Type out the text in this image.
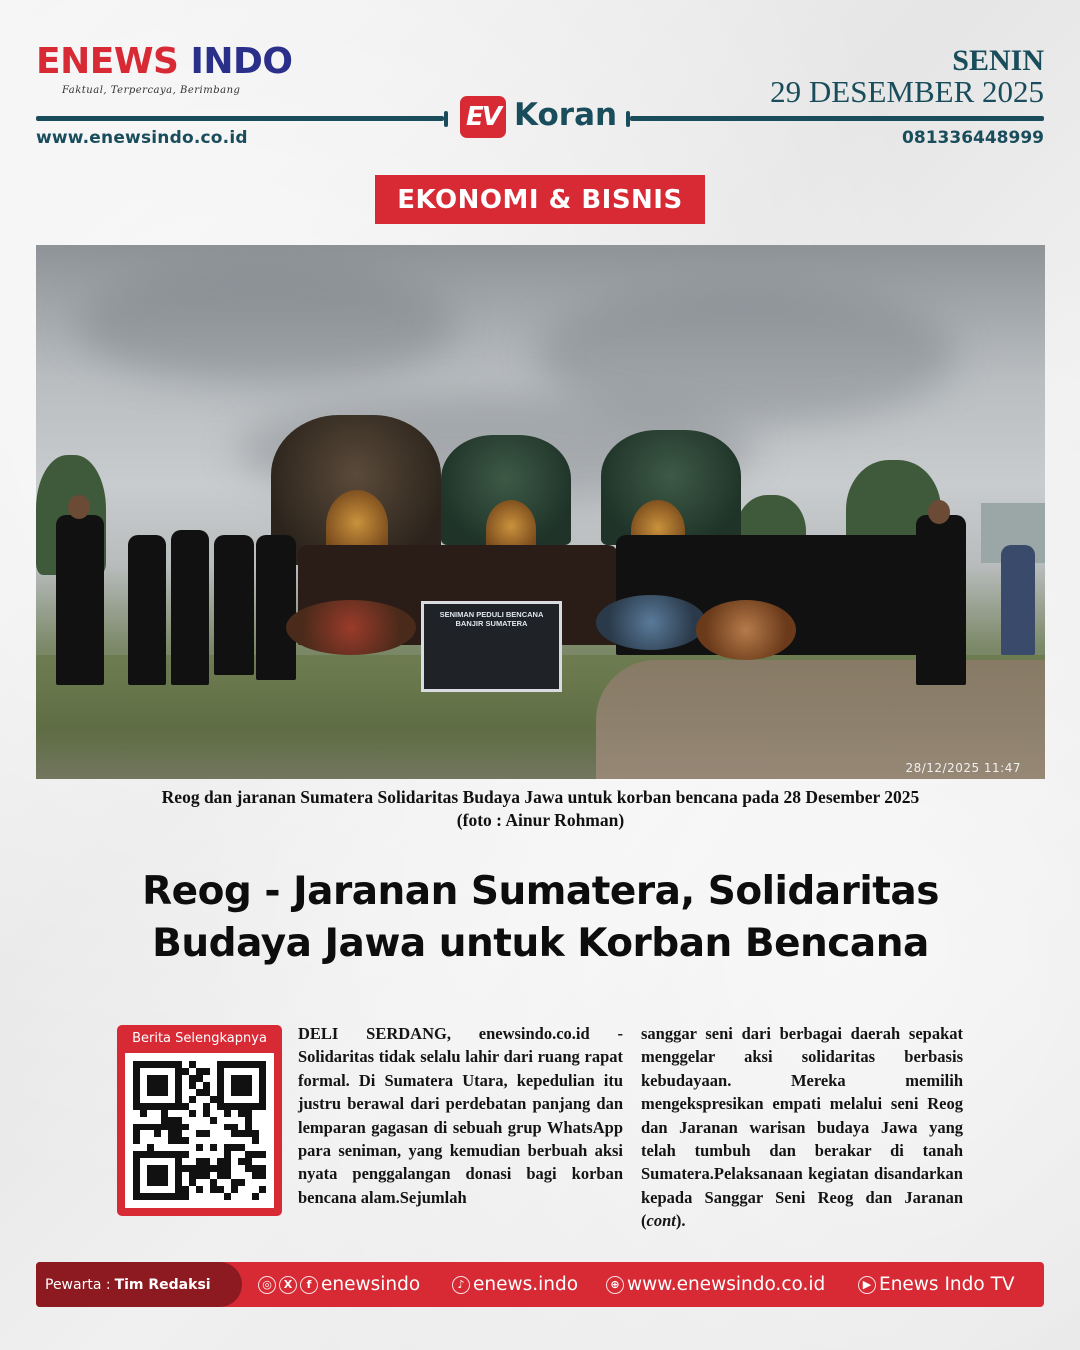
ENEWS INDO
Faktual, Terpercaya, Berimbang
SENIN
29 DESEMBER 2025
EV Koran
www.enewsindo.co.id	081336448999
EKONOMI & BISNIS
SENIMAN PEDULI BENCANA
BANJIR SUMATERA
28/12/2025 11:47
Reog dan jaranan Sumatera Solidaritas Budaya Jawa untuk korban bencana pada 28 Desember 2025
(foto : Ainur Rohman)
Reog - Jaranan Sumatera, Solidaritas
Budaya Jawa untuk Korban Bencana
Berita Selengkapnya	DELI SERDANG, enewsindo.co.id - Solidaritas tidak selalu lahir dari ruang rapat formal. Di Sumatera Utara, kepedulian itu justru berawal dari perdebatan panjang dan lemparan gagasan di sebuah grup WhatsApp para seniman, yang kemudian berbuah aksi nyata penggalangan donasi bagi korban bencana alam.Sejumlah
sanggar seni dari berbagai daerah sepakat menggelar aksi solidaritas berbasis kebudayaan. Mereka memilih mengekspresikan empati melalui seni Reog dan Jaranan warisan budaya Jawa yang telah tumbuh dan berakar di tanah Sumatera.Pelaksanaan kegiatan disandarkan kepada Sanggar Seni Reog dan Jaranan (cont).
Pewarta : Tim Redaksi	◎	X	f enewsindo	♪ enews.indo	⊕ www.enewsindo.co.id	▶ Enews Indo TV
